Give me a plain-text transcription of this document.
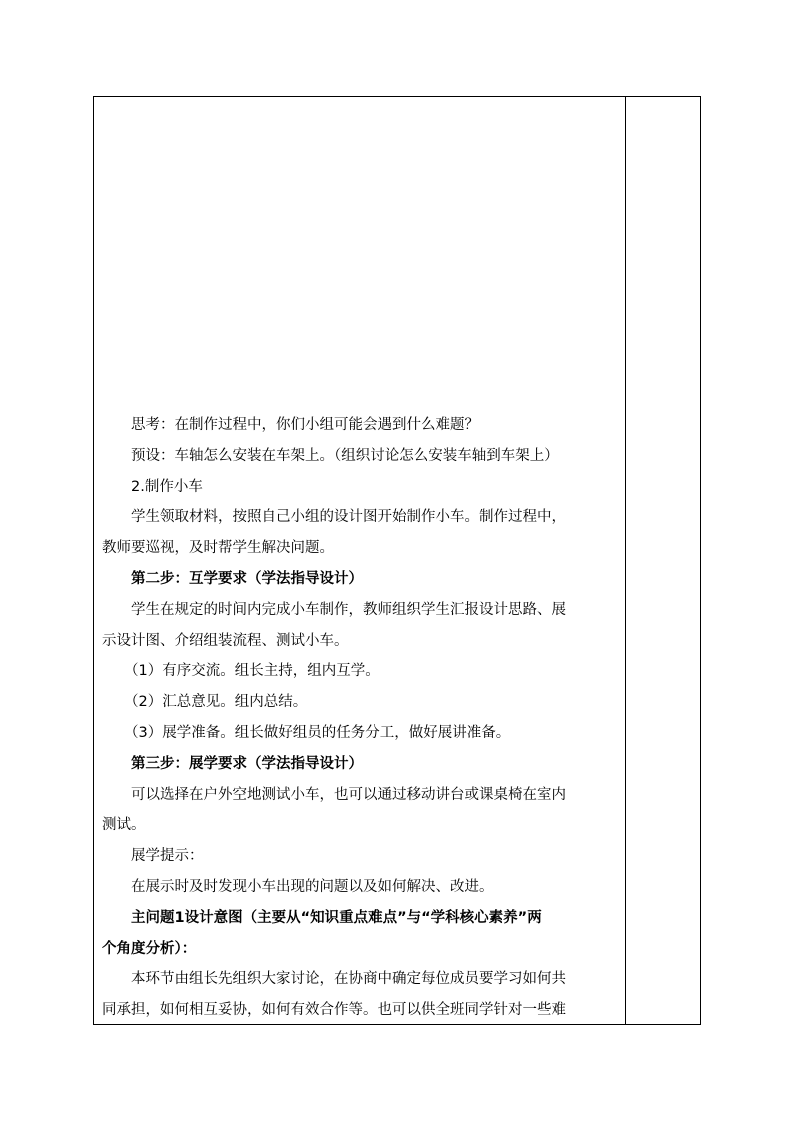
思考：在制作过程中，你们小组可能会遇到什么难题？
预设：车轴怎么安装在车架上。（组织讨论怎么安装车轴到车架上）
2.制作小车
学生领取材料，按照自己小组的设计图开始制作小车。制作过程中，
教师要巡视，及时帮学生解决问题。
第二步：互学要求（学法指导设计）
学生在规定的时间内完成小车制作，教师组织学生汇报设计思路、展
示设计图、介绍组装流程、测试小车。
（1）有序交流。组长主持，组内互学。
（2）汇总意见。组内总结。
（3）展学准备。组长做好组员的任务分工，做好展讲准备。
第三步：展学要求（学法指导设计）
可以选择在户外空地测试小车，也可以通过移动讲台或课桌椅在室内
测试。
展学提示：
在展示时及时发现小车出现的问题以及如何解决、改进。
主问题1设计意图（主要从“知识重点难点”与“学科核心素养”两
个角度分析）：
本环节由组长先组织大家讨论，在协商中确定每位成员要学习如何共
同承担，如何相互妥协，如何有效合作等。也可以供全班同学针对一些难
